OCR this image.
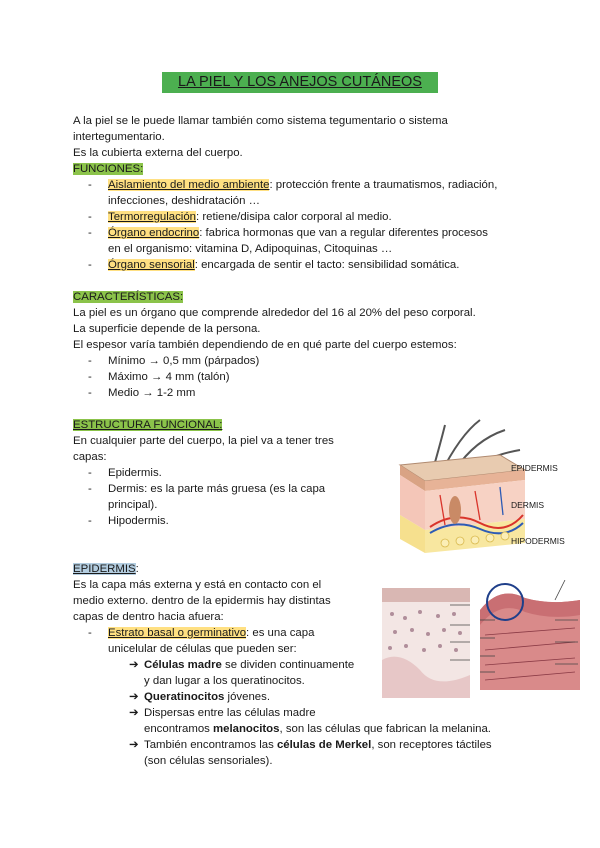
LA PIEL Y LOS ANEJOS CUTÁNEOS
A la piel se le puede llamar también como sistema tegumentario o sistema
intertegumentario.
Es la cubierta externa del cuerpo.
FUNCIONES:
- Aislamiento del medio ambiente: protección frente a traumatismos, radiación,
infecciones, deshidratación …
- Termorregulación: retiene/disipa calor corporal al medio.
- Órgano endocrino: fabrica hormonas que van a regular diferentes procesos
en el organismo: vitamina D, Adipoquinas, Citoquinas …
- Órgano sensorial: encargada de sentir el tacto: sensibilidad somática.
CARACTERÍSTICAS:
La piel es un órgano que comprende alrededor del 16 al 20% del peso corporal.
La superficie depende de la persona.
El espesor varía también dependiendo de en qué parte del cuerpo estemos:
- Mínimo → 0,5 mm (párpados)
- Máximo → 4 mm (talón)
- Medio → 1-2 mm
ESTRUCTURA FUNCIONAL:
En cualquier parte del cuerpo, la piel va a tener tres
capas:
- Epidermis.
- Dermis: es la parte más gruesa (es la capa
principal).
- Hipodermis.
EPIDERMIS
DERMIS
HIPODERMIS
EPIDERMIS:
Es la capa más externa y está en contacto con el
medio externo. dentro de la epidermis hay distintas
capas de dentro hacia afuera:
- Estrato basal o germinativo: es una capa
unicelular de células que pueden ser:
➔ Células madre se dividen continuamente
y dan lugar a los queratinocitos.
➔ Queratinocitos jóvenes.
➔ Dispersas entre las células madre
encontramos melanocitos, son las células que fabrican la melanina.
➔ También encontramos las células de Merkel, son receptores táctiles
(son células sensoriales).
